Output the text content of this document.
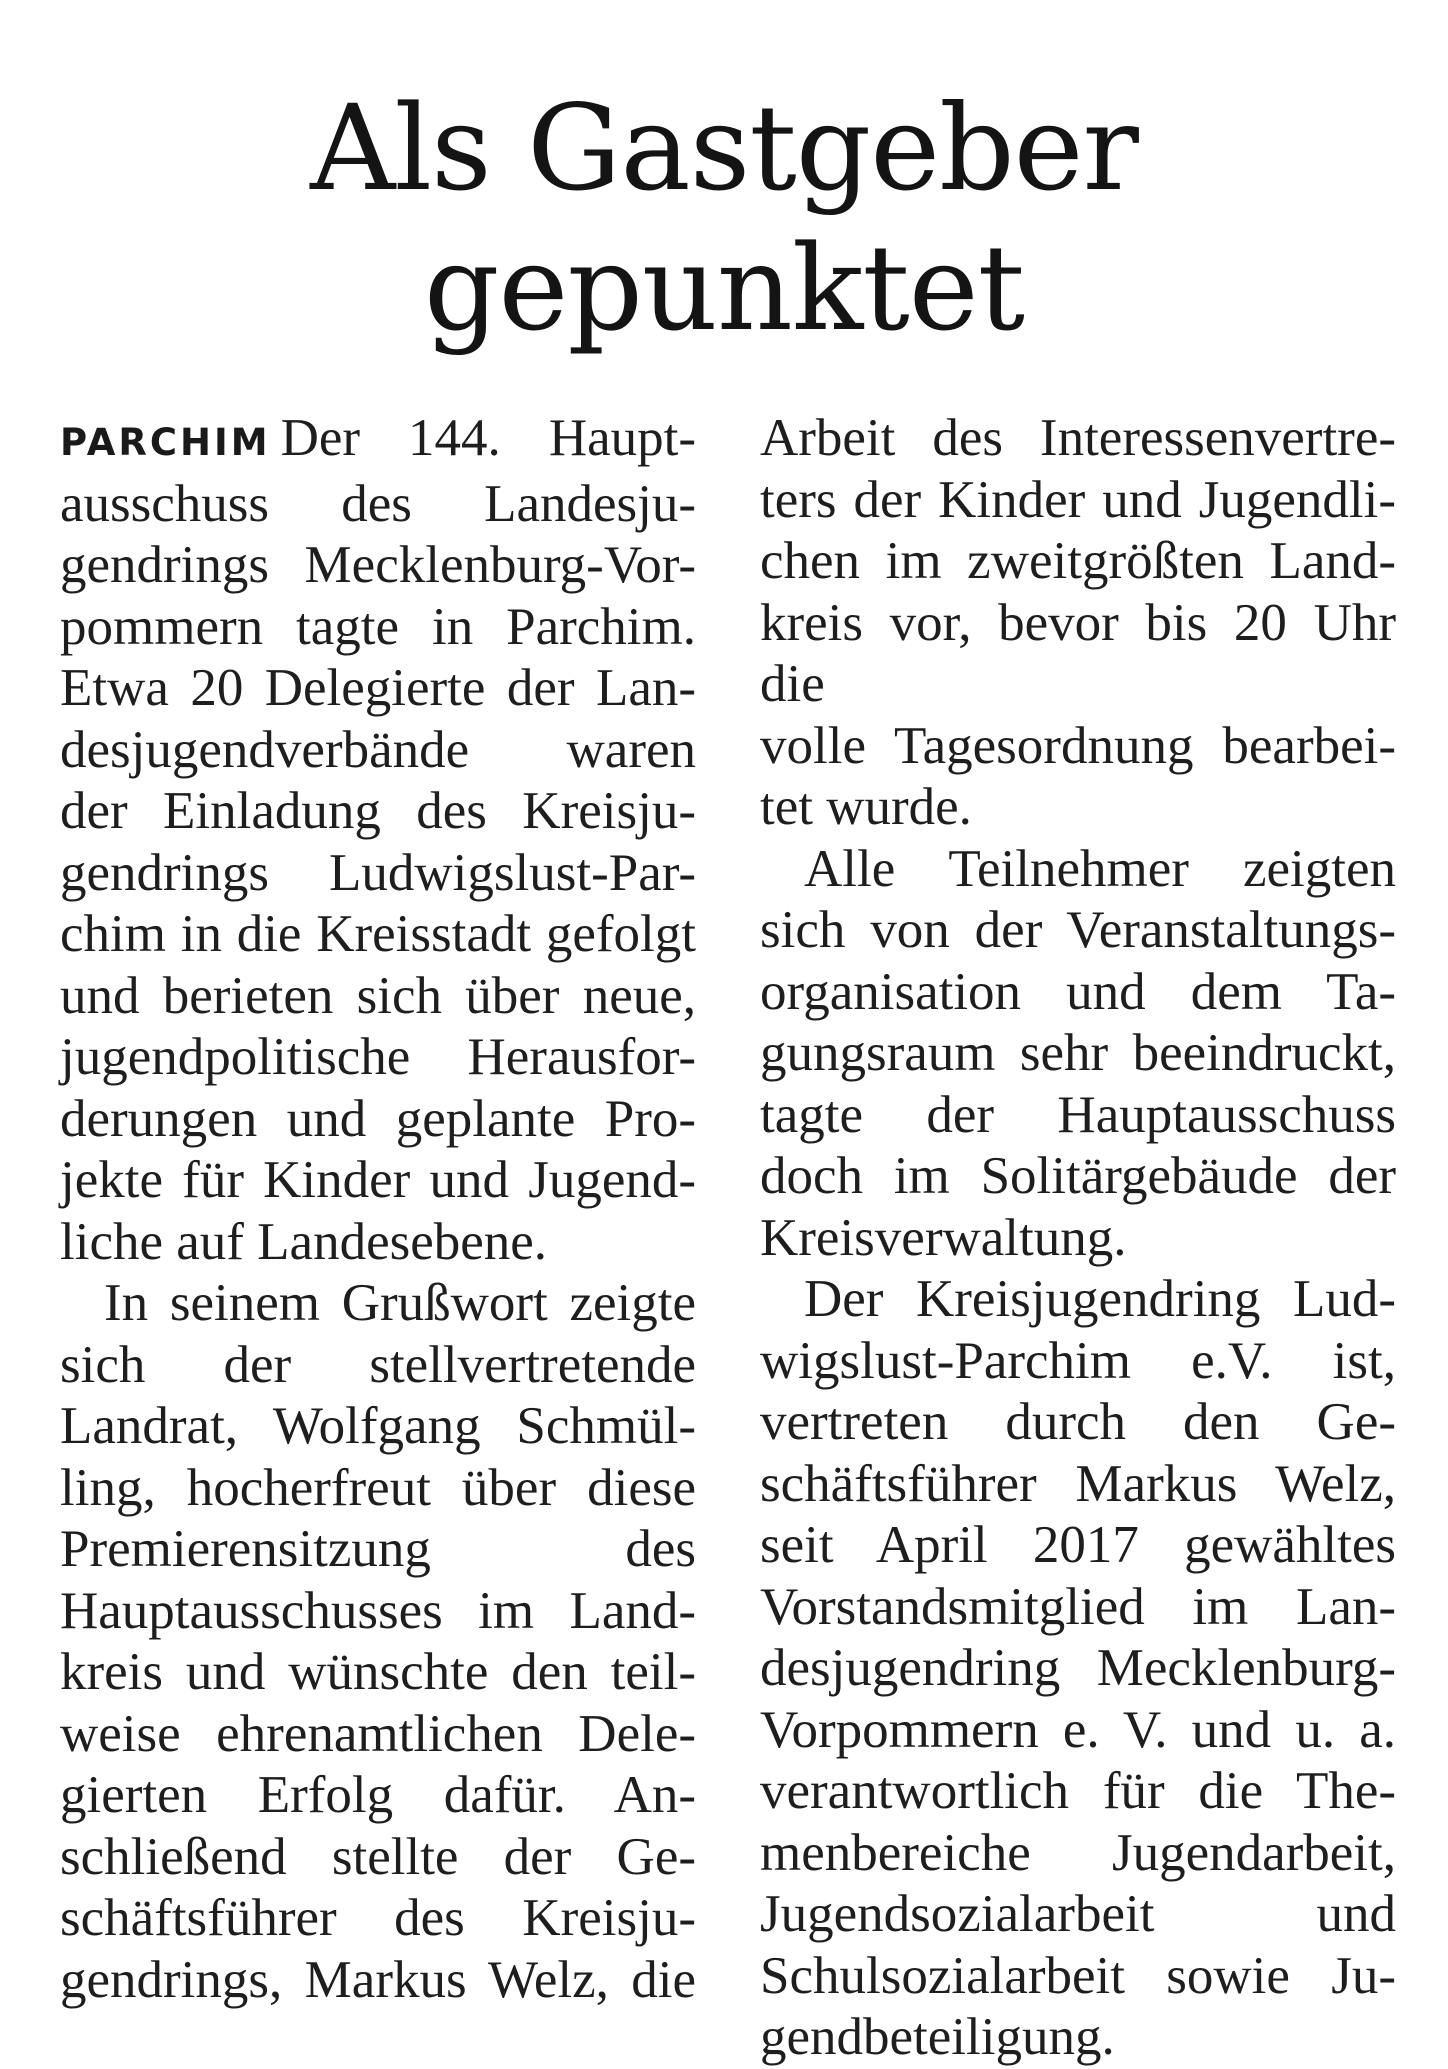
Als Gastgeber
gepunktet

PARCHIM Der 144. Haupt-
ausschuss des Landesju-
gendrings Mecklenburg-Vor-
pommern tagte in Parchim.
Etwa 20 Delegierte der Lan-
desjugendverbände waren
der Einladung des Kreisju-
gendrings Ludwigslust-Par-
chim in die Kreisstadt gefolgt
und berieten sich über neue,
jugendpolitische Herausfor-
derungen und geplante Pro-
jekte für Kinder und Jugend-

liche auf Landesebene.

In seinem Grußwort zeigte
sich der stellvertretende
Landrat, Wolfgang Schmül-
ling, hocherfreut über diese
Premierensitzung des
Hauptausschusses im Land-
kreis und wünschte den teil-
weise ehrenamtlichen Dele-
gierten Erfolg dafür. An-
schließend stellte der Ge-
schäftsführer des Kreisju-
gendrings, Markus Welz, die

Arbeit des Interessenvertre-
ters der Kinder und Jugendli-
chen im zweitgrößten Land-
kreis vor, bevor bis 20 Uhr die
volle Tagesordnung bearbei-

tet wurde.

Alle Teilnehmer zeigten
sich von der Veranstaltungs-
organisation und dem Ta-
gungsraum sehr beeindruckt,
tagte der Hauptausschuss
doch im Solitärgebäude der

Kreisverwaltung.

Der Kreisjugendring Lud-
wigslust-Parchim e.V. ist,
vertreten durch den Ge-
schäftsführer Markus Welz,
seit April 2017 gewähltes
Vorstandsmitglied im Lan-
desjugendring Mecklenburg-
Vorpommern e. V. und u. a.
verantwortlich für die The-
menbereiche Jugendarbeit,
Jugendsozialarbeit und
Schulsozialarbeit sowie Ju-

gendbeteiligung.
